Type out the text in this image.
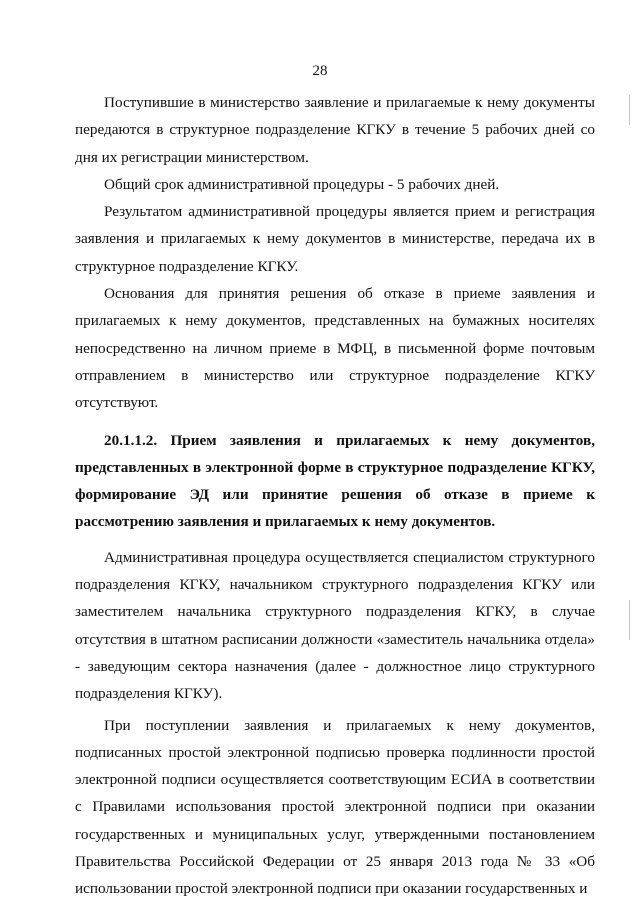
28

Поступившие в министерство заявление и прилагаемые к нему документы передаются в структурное подразделение КГКУ в течение 5 рабочих дней со дня их регистрации министерством.

Общий срок административной процедуры - 5 рабочих дней.

Результатом административной процедуры является прием и регистрация заявления и прилагаемых к нему документов в министерстве, передача их в структурное подразделение КГКУ.

Основания для принятия решения об отказе в приеме заявления и прилагаемых к нему документов, представленных на бумажных носителях непосредственно на личном приеме в МФЦ, в письменной форме почтовым отправлением в министерство или структурное подразделение КГКУ отсутствуют.

20.1.1.2. Прием заявления и прилагаемых к нему документов, представленных в электронной форме в структурное подразделение КГКУ, формирование ЭД или принятие решения об отказе в приеме к рассмотрению заявления и прилагаемых к нему документов.

Административная процедура осуществляется специалистом структурного подразделения КГКУ, начальником структурного подразделения КГКУ или заместителем начальника структурного подразделения КГКУ, в случае отсутствия в штатном расписании должности «заместитель начальника отдела» - заведующим сектора назначения (далее - должностное лицо структурного подразделения КГКУ).

При поступлении заявления и прилагаемых к нему документов, подписанных простой электронной подписью проверка подлинности простой электронной подписи осуществляется соответствующим ЕСИА в соответствии с Правилами использования простой электронной подписи при оказании государственных и муниципальных услуг, утвержденными постановлением Правительства Российской Федерации от 25 января 2013 года № 33 «Об использовании простой электронной подписи при оказании государственных и
